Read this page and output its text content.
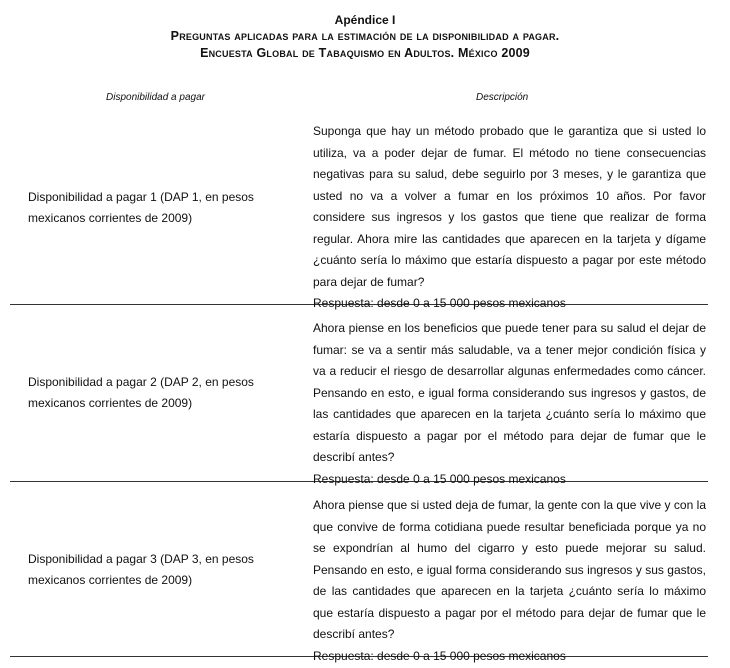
Apéndice I
Preguntas aplicadas para la estimación de la disponibilidad a pagar.
Encuesta Global de Tabaquismo en Adultos. México 2009
Disponibilidad a pagar	Descripción
Disponibilidad a pagar 1 (DAP 1, en pesos mexicanos corrientes de 2009)
Suponga que hay un método probado que le garantiza que si usted lo utiliza, va a poder dejar de fumar. El método no tiene consecuencias negativas para su salud, debe seguirlo por 3 meses, y le garantiza que usted no va a volver a fumar en los próximos 10 años. Por favor considere sus ingresos y los gastos que tiene que realizar de forma regular. Ahora mire las cantidades que aparecen en la tarjeta y dígame ¿cuánto sería lo máximo que estaría dispuesto a pagar por este método para dejar de fumar?
Respuesta: desde 0 a 15 000 pesos mexicanos
Disponibilidad a pagar 2 (DAP 2, en pesos mexicanos corrientes de 2009)
Ahora piense en los beneficios que puede tener para su salud el dejar de fumar: se va a sentir más saludable, va a tener mejor condición física y va a reducir el riesgo de desarrollar algunas enfermedades como cáncer. Pensando en esto, e igual forma considerando sus ingresos y gastos, de las cantidades que aparecen en la tarjeta ¿cuánto sería lo máximo que estaría dispuesto a pagar por el método para dejar de fumar que le describí antes?
Respuesta: desde 0 a 15 000 pesos mexicanos
Disponibilidad a pagar 3 (DAP 3, en pesos mexicanos corrientes de 2009)
Ahora piense que si usted deja de fumar, la gente con la que vive y con la que convive de forma cotidiana puede resultar beneficiada porque ya no se expondrían al humo del cigarro y esto puede mejorar su salud. Pensando en esto, e igual forma considerando sus ingresos y sus gastos, de las cantidades que aparecen en la tarjeta ¿cuánto sería lo máximo que estaría dispuesto a pagar por el método para dejar de fumar que le describí antes?
Respuesta: desde 0 a 15 000 pesos mexicanos
